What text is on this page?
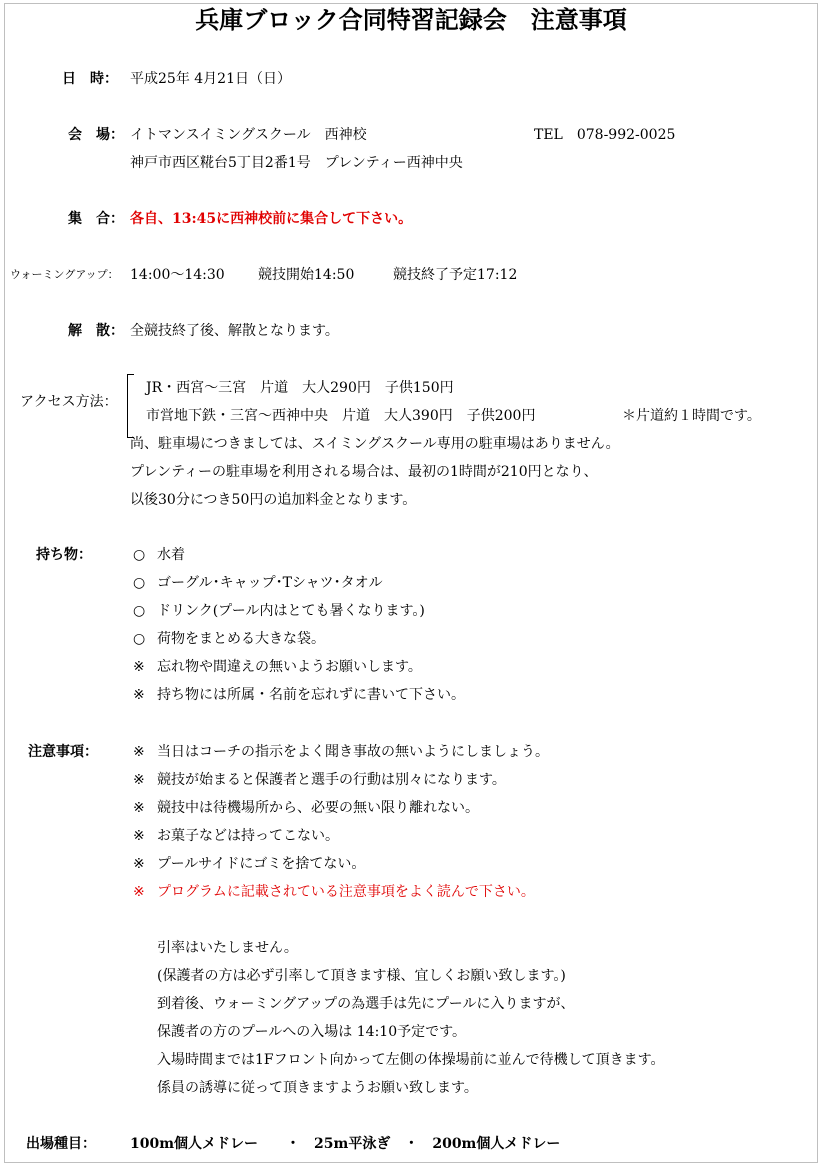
兵庫ブロック合同特習記録会　注意事項
日　時： 平成25年 4月21日（日）
会　場： イトマンスイミングスクール　西神校	TEL　078-992-0025
神戸市西区糀台5丁目2番1号　プレンティー西神中央
集　合： 各自、13:45に西神校前に集合して下さい。
ウォーミングアップ： 14:00～14:30 競技開始14:50	競技終了予定17:12
解　散： 全競技終了後、解散となります。
アクセス方法：
JR・西宮～三宮　片道　大人290円　子供150円
市営地下鉄・三宮～西神中央　片道　大人390円　子供200円	＊片道約１時間です。
尚、駐車場につきましては、スイミングスクール専用の駐車場はありません。
プレンティーの駐車場を利用される場合は、最初の1時間が210円となり、
以後30分につき50円の追加料金となります。
持ち物：	○ 水着
○ ゴーグル･キャップ･Tシャツ･タオル
○ ドリンク(プール内はとても暑くなります。)
○ 荷物をまとめる大きな袋。
※ 忘れ物や間違えの無いようお願いします。
※ 持ち物には所属・名前を忘れずに書いて下さい。
注意事項：	※ 当日はコーチの指示をよく聞き事故の無いようにしましょう。
※ 競技が始まると保護者と選手の行動は別々になります。
※ 競技中は待機場所から、必要の無い限り離れない。
※ お菓子などは持ってこない。
※ プールサイドにゴミを捨てない。
※ プログラムに記載されている注意事項をよく読んで下さい。
引率はいたしません。
(保護者の方は必ず引率して頂きます様、宜しくお願い致します。)
到着後、ウォーミングアップの為選手は先にプールに入りますが、
保護者の方のプールへの入場は 14:10予定です。
入場時間までは1Fフロント向かって左側の体操場前に並んで待機して頂きます。
係員の誘導に従って頂きますようお願い致します。
出場種目： 100m個人メドレー　　・　25m平泳ぎ　・　200m個人メドレー
